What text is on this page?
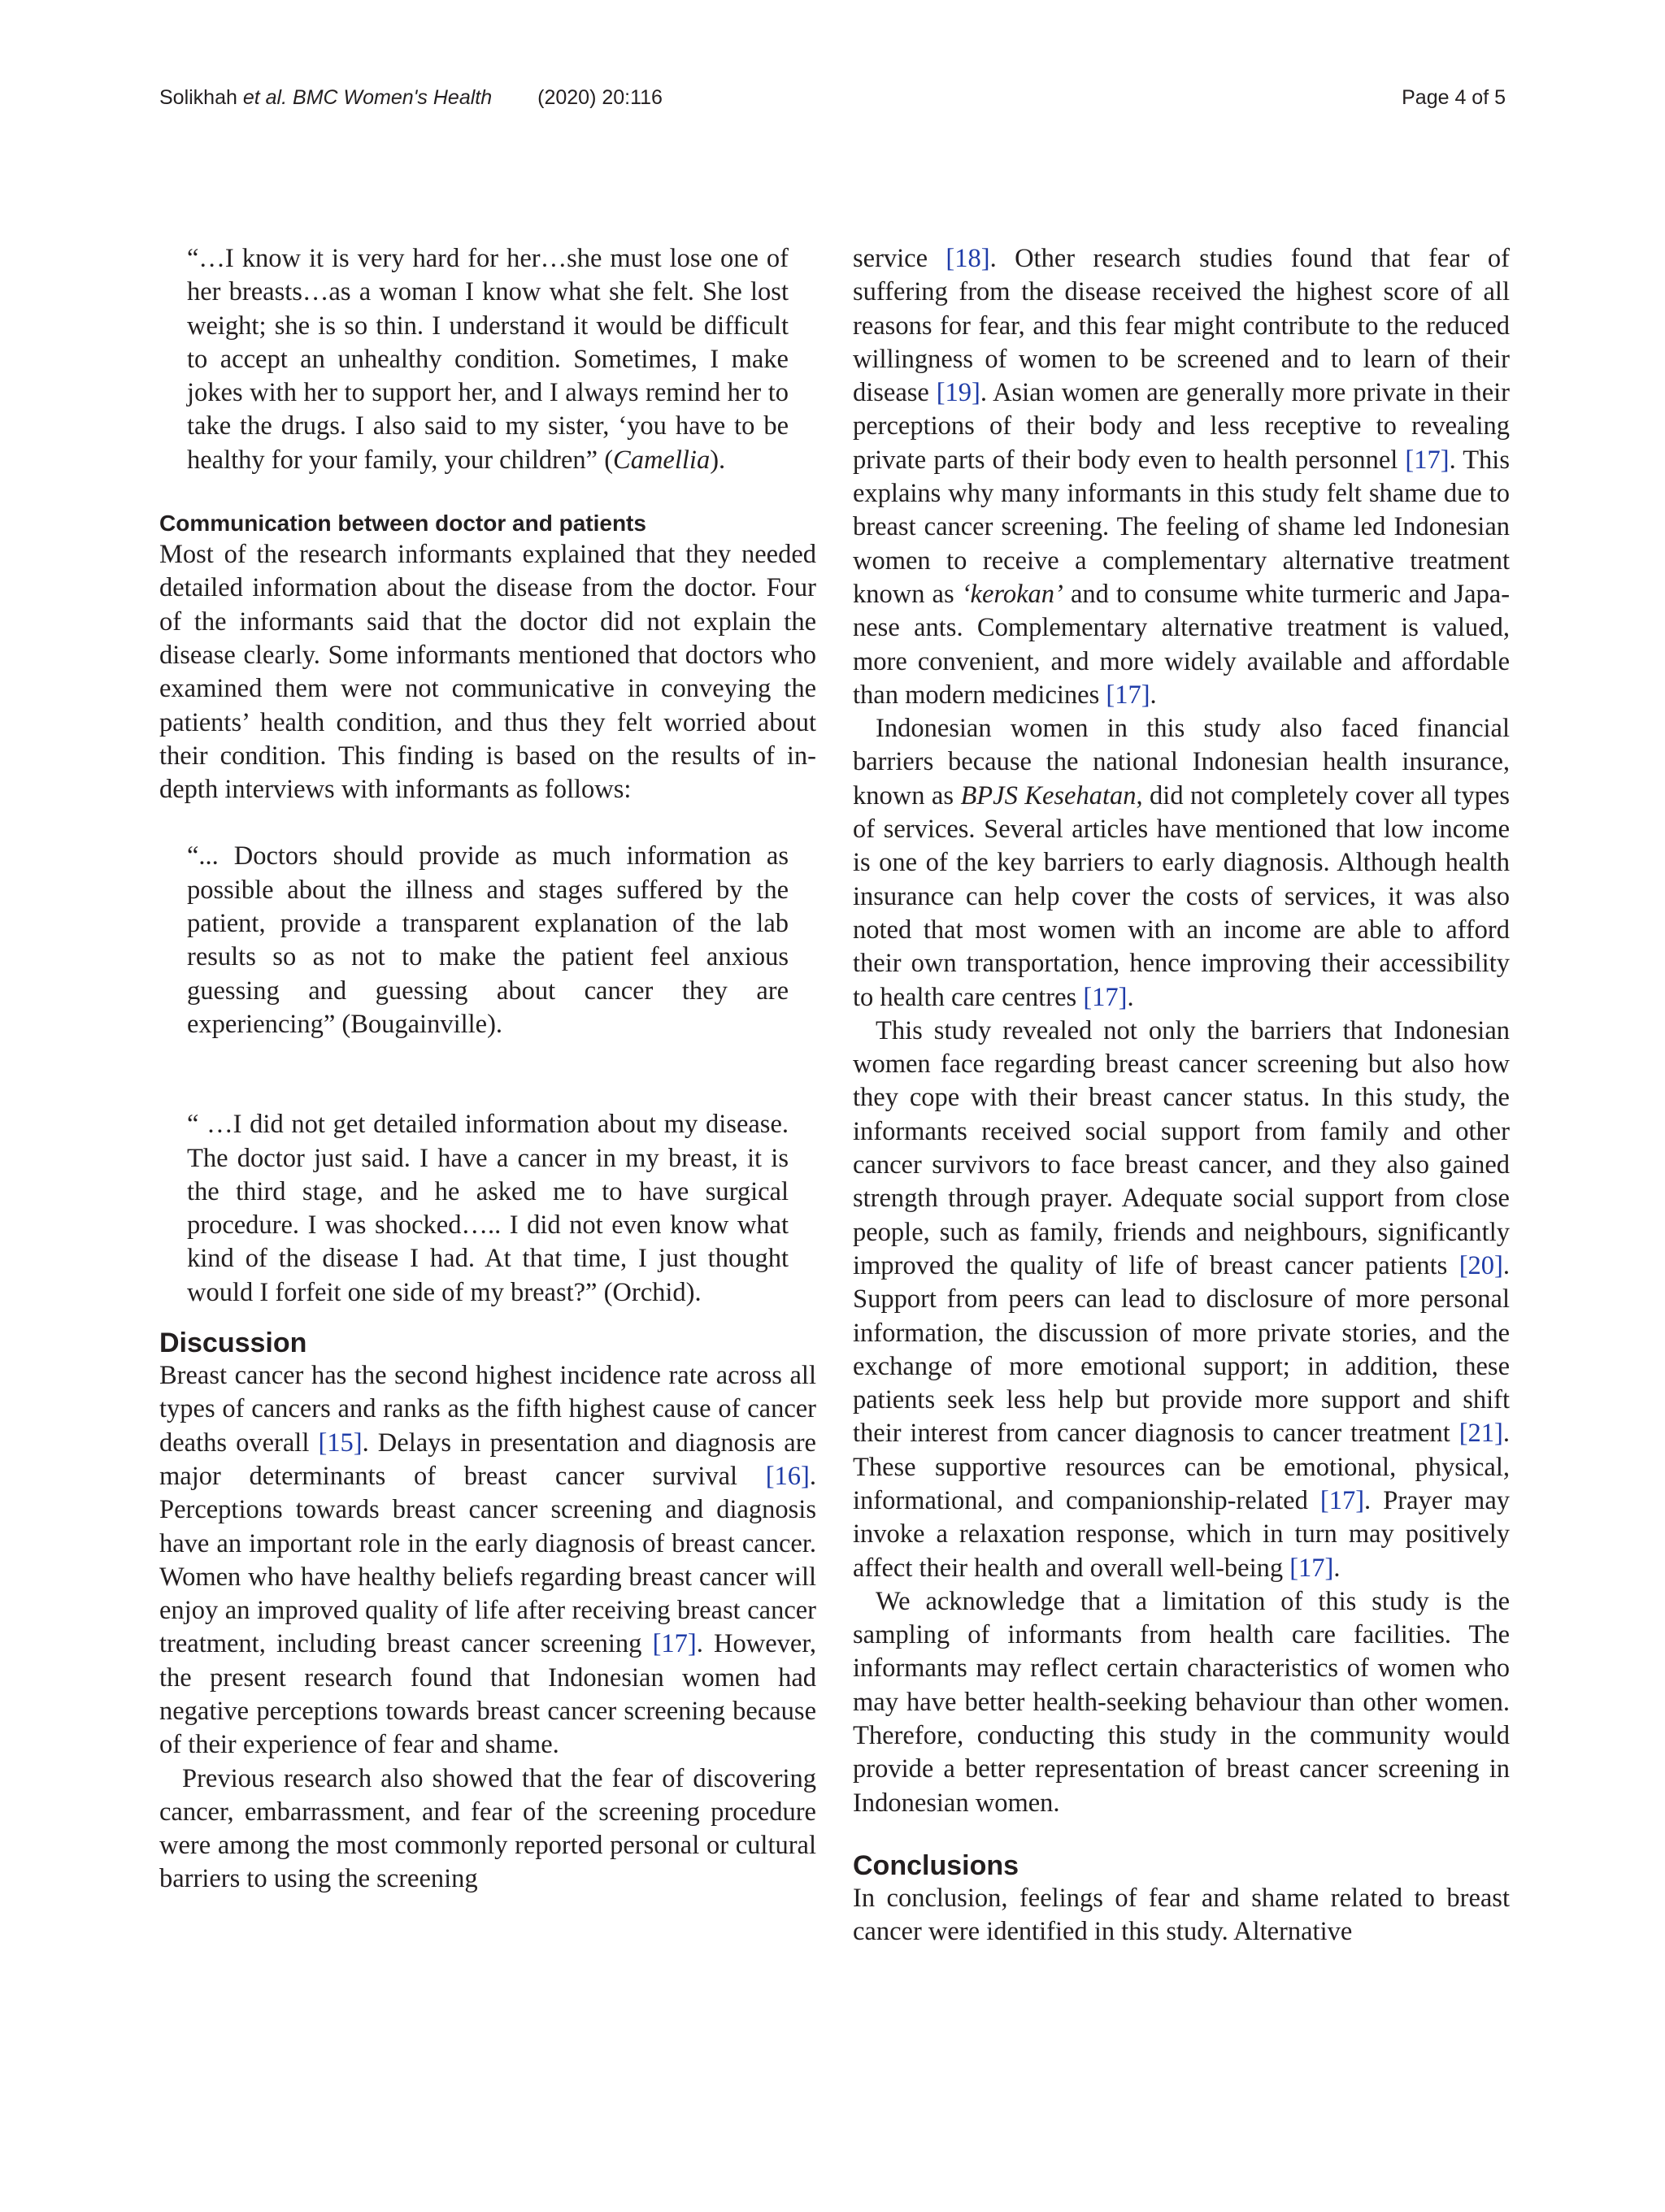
Solikhah et al. BMC Women's Health (2020) 20:116	Page 4 of 5

“…I know it is very hard for her…she must lose one of her breasts…as a woman I know what she felt. She lost weight; she is so thin. I understand it would be difficult to accept an unhealthy condition. Sometimes, I make jokes with her to support her, and I always remind her to take the drugs. I also said to my sister, ‘you have to be healthy for your family, your children” (Camellia).

Communication between doctor and patients

Most of the research informants explained that they needed detailed information about the disease from the doctor. Four of the informants said that the doctor did not explain the disease clearly. Some informants mentioned that doctors who examined them were not communicative in conveying the patients’ health condition, and thus they felt worried about their condition. This finding is based on the results of in-depth interviews with informants as follows:

“... Doctors should provide as much information as possible about the illness and stages suffered by the patient, provide a transparent explanation of the lab results so as not to make the patient feel anxious guessing and guessing about cancer they are experiencing” (Bougainville).

“ …I did not get detailed information about my disease. The doctor just said. I have a cancer in my breast, it is the third stage, and he asked me to have surgical procedure. I was shocked….. I did not even know what kind of the disease I had. At that time, I just thought would I forfeit one side of my breast?” (Orchid).

Discussion

Breast cancer has the second highest incidence rate across all types of cancers and ranks as the fifth highest cause of cancer deaths overall [15]. Delays in presentation and diagnosis are major determinants of breast cancer survival [16]. Perceptions towards breast cancer screening and diagnosis have an important role in the early diagnosis of breast cancer. Women who have healthy beliefs regarding breast cancer will enjoy an improved quality of life after receiving breast cancer treatment, including breast cancer screening [17]. However, the present research found that Indonesian women had negative perceptions towards breast cancer screening because of their experience of fear and shame.

Previous research also showed that the fear of discovering cancer, embarrassment, and fear of the screening procedure were among the most commonly reported personal or cultural barriers to using the screening

service [18]. Other research studies found that fear of suffering from the disease received the highest score of all reasons for fear, and this fear might contribute to the reduced willingness of women to be screened and to learn of their disease [19]. Asian women are generally more private in their perceptions of their body and less receptive to revealing private parts of their body even to health personnel [17]. This explains why many informants in this study felt shame due to breast cancer screening. The feeling of shame led Indonesian women to receive a complementary alternative treatment known as ‘kerokan’ and to consume white turmeric and Japanese ants. Complementary alternative treatment is valued, more convenient, and more widely available and affordable than modern medicines [17].

Indonesian women in this study also faced financial barriers because the national Indonesian health insurance, known as BPJS Kesehatan, did not completely cover all types of services. Several articles have mentioned that low income is one of the key barriers to early diagnosis. Although health insurance can help cover the costs of services, it was also noted that most women with an income are able to afford their own transportation, hence improving their accessibility to health care centres [17].

This study revealed not only the barriers that Indonesian women face regarding breast cancer screening but also how they cope with their breast cancer status. In this study, the informants received social support from family and other cancer survivors to face breast cancer, and they also gained strength through prayer. Adequate social support from close people, such as family, friends and neighbours, significantly improved the quality of life of breast cancer patients [20]. Support from peers can lead to disclosure of more personal information, the discussion of more private stories, and the exchange of more emotional support; in addition, these patients seek less help but provide more support and shift their interest from cancer diagnosis to cancer treatment [21]. These supportive resources can be emotional, physical, informational, and companionship-related [17]. Prayer may invoke a relaxation response, which in turn may positively affect their health and overall well-being [17].

We acknowledge that a limitation of this study is the sampling of informants from health care facilities. The informants may reflect certain characteristics of women who may have better health-seeking behaviour than other women. Therefore, conducting this study in the community would provide a better representation of breast cancer screening in Indonesian women.

Conclusions

In conclusion, feelings of fear and shame related to breast cancer were identified in this study. Alternative
